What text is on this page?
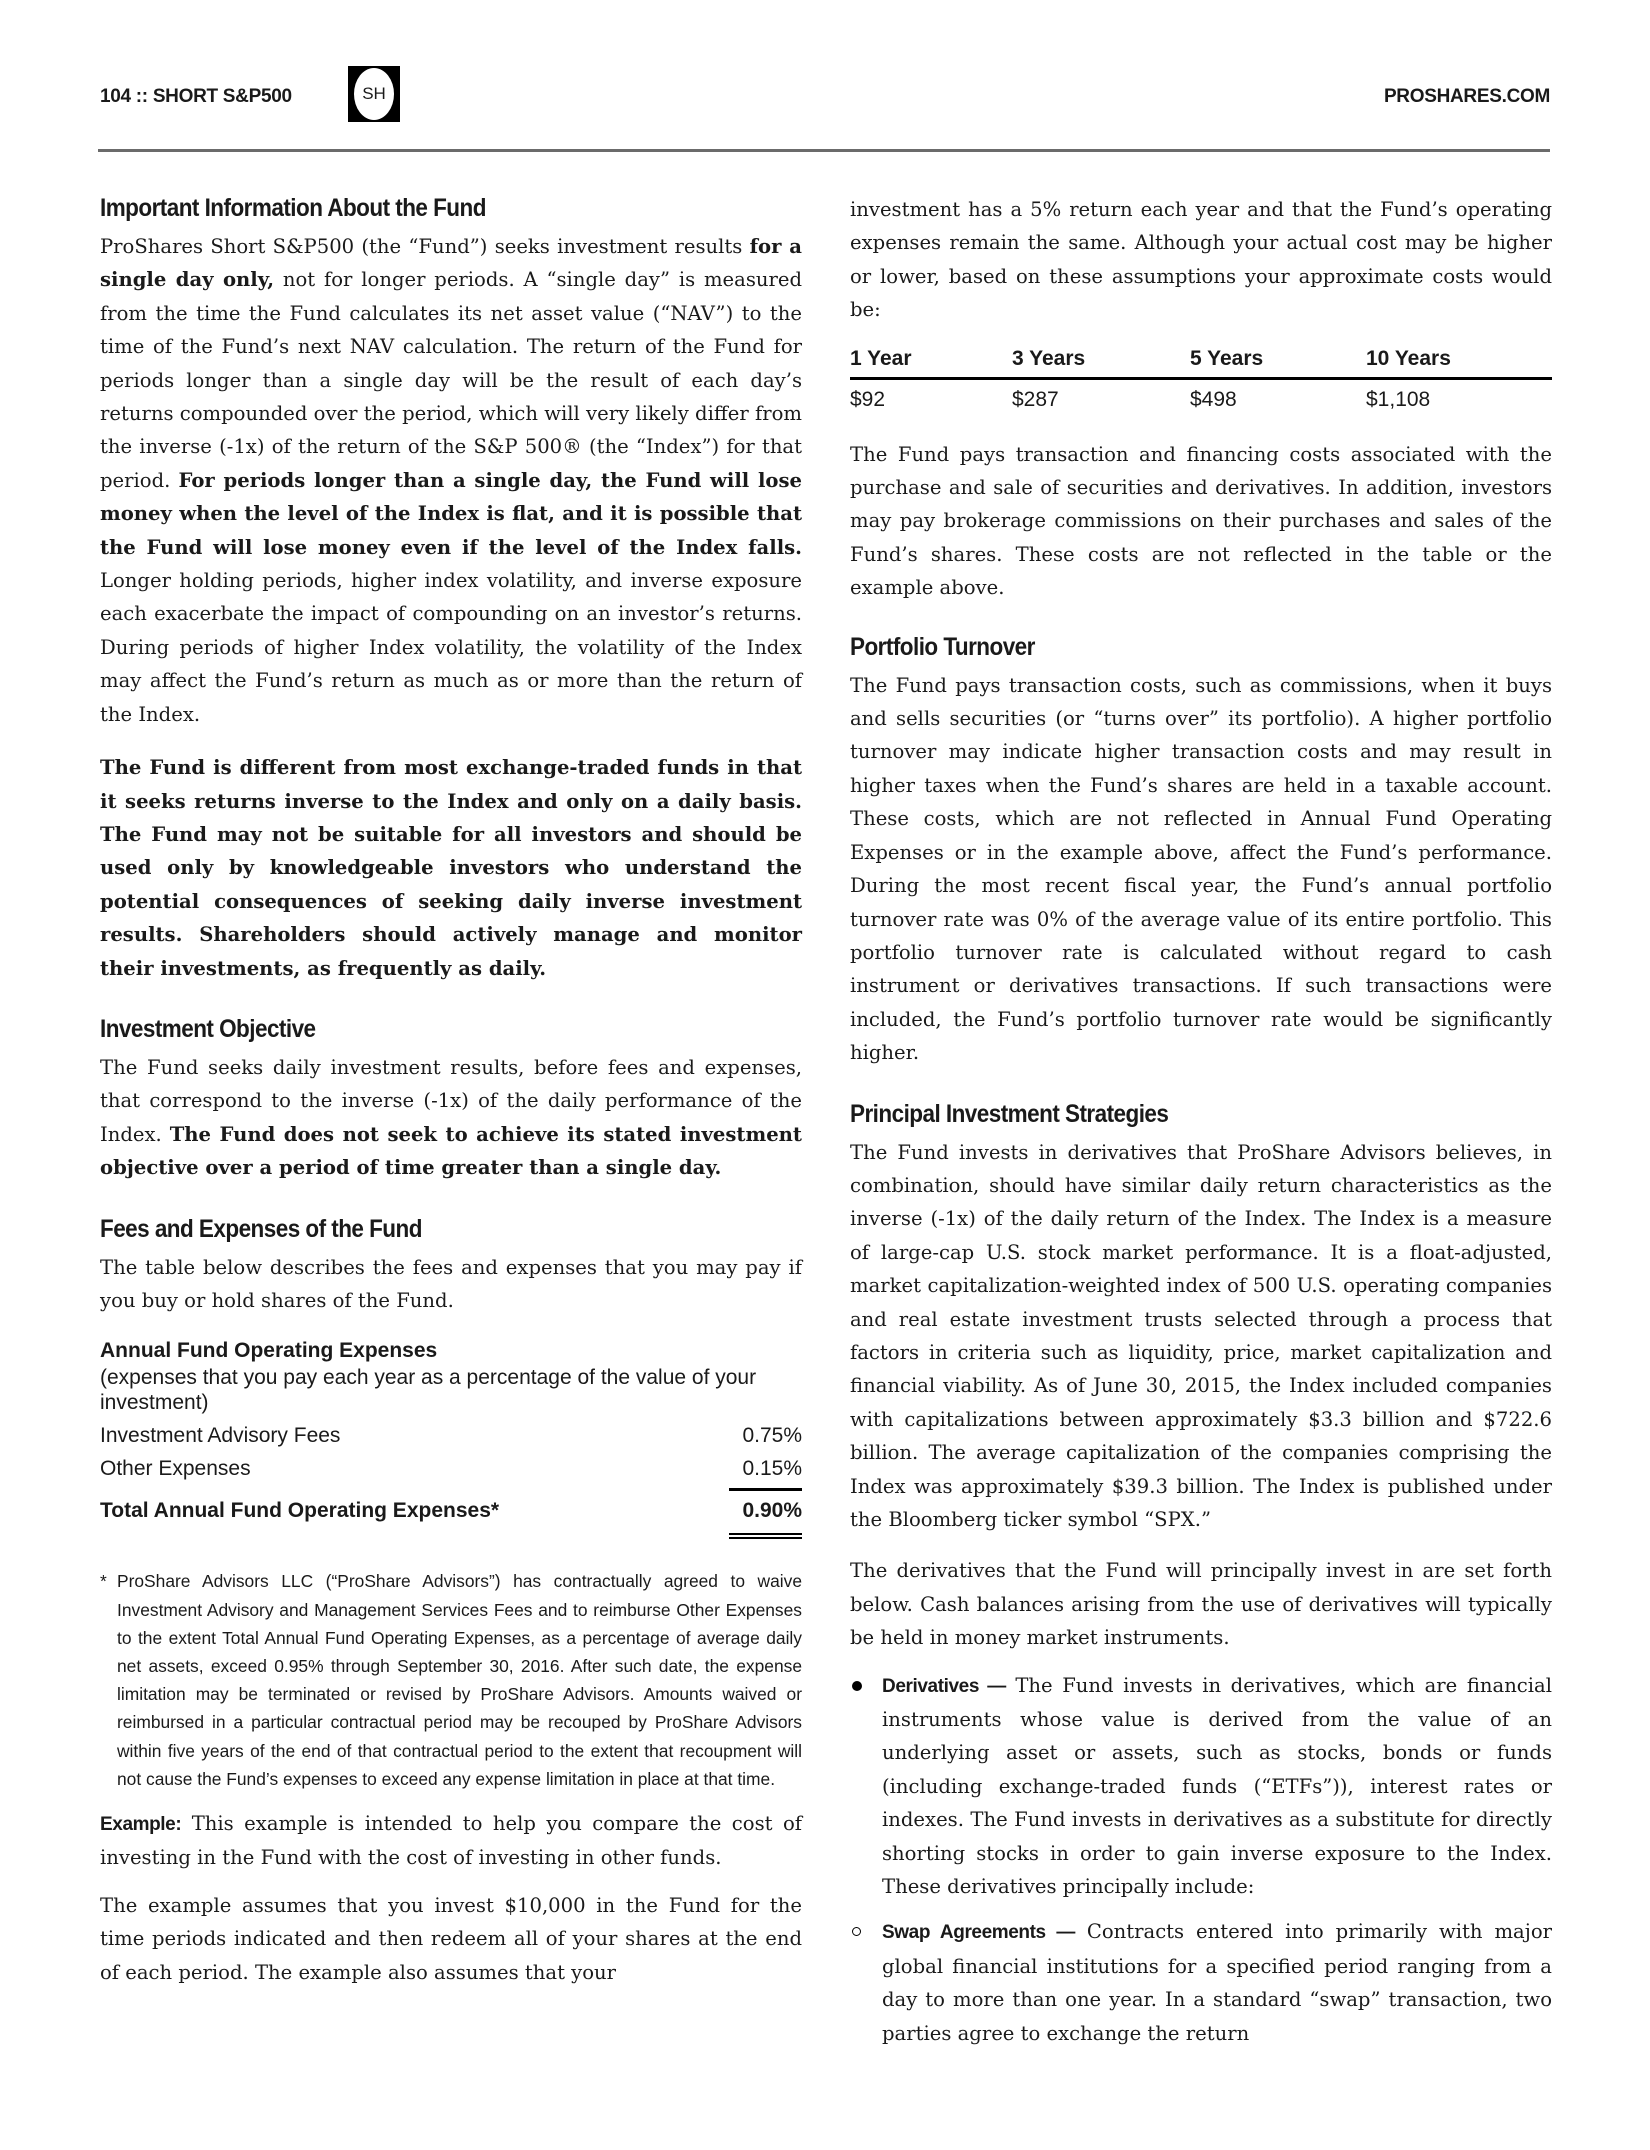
104 :: SHORT S&P500	SH	PROSHARES.COM
Important Information About the Fund

ProShares Short S&P500 (the “Fund”) seeks investment results for a single day only, not for longer periods. A “single day” is measured from the time the Fund calculates its net asset value (“NAV”) to the time of the Fund’s next NAV calculation. The return of the Fund for periods longer than a single day will be the result of each day’s returns compounded over the period, which will very likely differ from the inverse (-1x) of the return of the S&P 500® (the “Index”) for that period. For periods longer than a single day, the Fund will lose money when the level of the Index is flat, and it is possible that the Fund will lose money even if the level of the Index falls. Longer holding periods, higher index volatility, and inverse exposure each exacerbate the impact of compounding on an investor’s returns. During periods of higher Index volatility, the volatility of the Index may affect the Fund’s return as much as or more than the return of the Index.

The Fund is different from most exchange-traded funds in that it seeks returns inverse to the Index and only on a daily basis. The Fund may not be suitable for all investors and should be used only by knowledgeable investors who understand the potential consequences of seeking daily inverse investment results. Shareholders should actively manage and monitor their investments, as frequently as daily.

Investment Objective

The Fund seeks daily investment results, before fees and expenses, that correspond to the inverse (-1x) of the daily performance of the Index. The Fund does not seek to achieve its stated investment objective over a period of time greater than a single day.

Fees and Expenses of the Fund

The table below describes the fees and expenses that you may pay if you buy or hold shares of the Fund.

Annual Fund Operating Expenses
(expenses that you pay each year as a percentage of the value of your investment)
Investment Advisory Fees	0.75%
Other Expenses	0.15%
Total Annual Fund Operating Expenses*	0.90%
* ProShare Advisors LLC (“ProShare Advisors”) has contractually agreed to waive Investment Advisory and Management Services Fees and to reimburse Other Expenses to the extent Total Annual Fund Operating Expenses, as a percentage of average daily net assets, exceed 0.95% through September 30, 2016. After such date, the expense limitation may be terminated or revised by ProShare Advisors. Amounts waived or reimbursed in a particular contractual period may be recouped by ProShare Advisors within five years of the end of that contractual period to the extent that recoupment will not cause the Fund’s expenses to exceed any expense limitation in place at that time.

Example: This example is intended to help you compare the cost of investing in the Fund with the cost of investing in other funds.

The example assumes that you invest $10,000 in the Fund for the time periods indicated and then redeem all of your shares at the end of each period. The example also assumes that your

investment has a 5% return each year and that the Fund’s operating expenses remain the same. Although your actual cost may be higher or lower, based on these assumptions your approximate costs would be:

1 Year	3 Years	5 Years	10 Years
$92	$287	$498	$1,108

The Fund pays transaction and financing costs associated with the purchase and sale of securities and derivatives. In addition, investors may pay brokerage commissions on their purchases and sales of the Fund’s shares. These costs are not reflected in the table or the example above.

Portfolio Turnover

The Fund pays transaction costs, such as commissions, when it buys and sells securities (or “turns over” its portfolio). A higher portfolio turnover may indicate higher transaction costs and may result in higher taxes when the Fund’s shares are held in a taxable account. These costs, which are not reflected in Annual Fund Operating Expenses or in the example above, affect the Fund’s performance. During the most recent fiscal year, the Fund’s annual portfolio turnover rate was 0% of the average value of its entire portfolio. This portfolio turnover rate is calculated without regard to cash instrument or derivatives transactions. If such transactions were included, the Fund’s portfolio turnover rate would be significantly higher.

Principal Investment Strategies

The Fund invests in derivatives that ProShare Advisors believes, in combination, should have similar daily return characteristics as the inverse (-1x) of the daily return of the Index. The Index is a measure of large-cap U.S. stock market performance. It is a float-adjusted, market capitalization-weighted index of 500 U.S. operating companies and real estate investment trusts selected through a process that factors in criteria such as liquidity, price, market capitalization and financial viability. As of June 30, 2015, the Index included companies with capitalizations between approximately $3.3 billion and $722.6 billion. The average capitalization of the companies comprising the Index was approximately $39.3 billion. The Index is published under the Bloomberg ticker symbol “SPX.”

The derivatives that the Fund will principally invest in are set forth below. Cash balances arising from the use of derivatives will typically be held in money market instruments.

Derivatives — The Fund invests in derivatives, which are financial instruments whose value is derived from the value of an underlying asset or assets, such as stocks, bonds or funds (including exchange-traded funds (“ETFs”)), interest rates or indexes. The Fund invests in derivatives as a substitute for directly shorting stocks in order to gain inverse exposure to the Index. These derivatives principally include:
Swap Agreements — Contracts entered into primarily with major global financial institutions for a specified period ranging from a day to more than one year. In a standard “swap” transaction, two parties agree to exchange the return
